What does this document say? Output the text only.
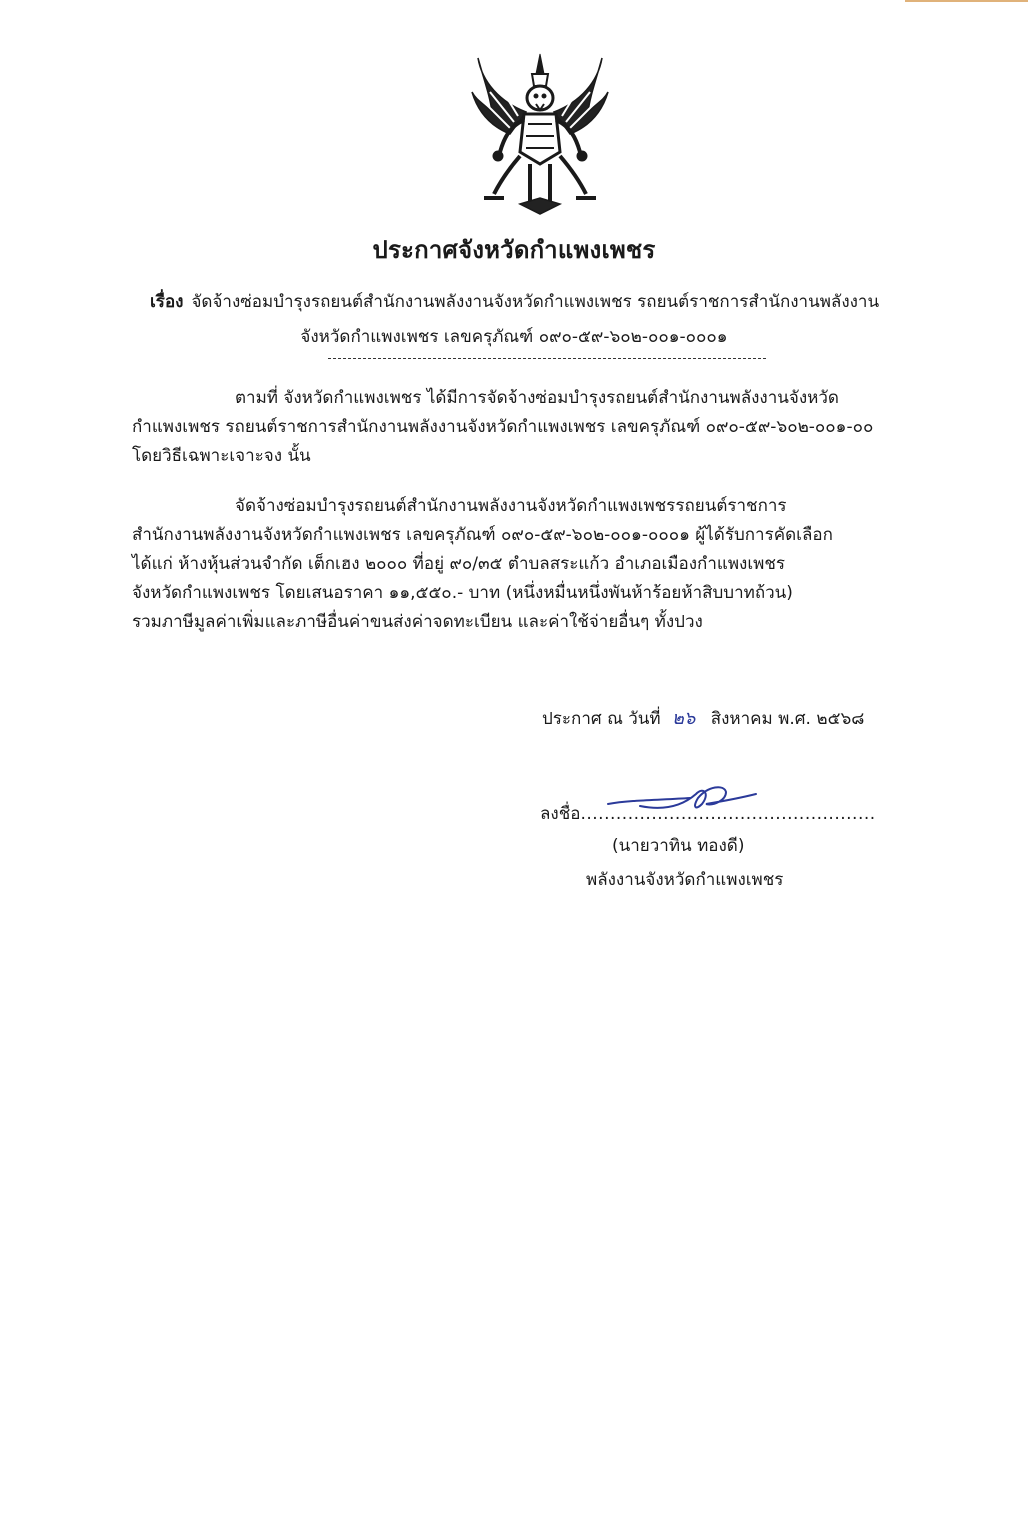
ประกาศจังหวัดกำแพงเพชร
เรื่อง จัดจ้างซ่อมบำรุงรถยนต์สำนักงานพลังงานจังหวัดกำแพงเพชร รถยนต์ราชการสำนักงานพลังงาน
จังหวัดกำแพงเพชร เลขครุภัณฑ์ ๐๙๐-๕๙-๖๐๒-๐๐๑-๐๐๐๑
ตามที่ จังหวัดกำแพงเพชร ได้มีการจัดจ้างซ่อมบำรุงรถยนต์สำนักงานพลังงานจังหวัด
กำแพงเพชร รถยนต์ราชการสำนักงานพลังงานจังหวัดกำแพงเพชร เลขครุภัณฑ์ ๐๙๐-๕๙-๖๐๒-๐๐๑-๐๐
โดยวิธีเฉพาะเจาะจง นั้น
จัดจ้างซ่อมบำรุงรถยนต์สำนักงานพลังงานจังหวัดกำแพงเพชรรถยนต์ราชการ
สำนักงานพลังงานจังหวัดกำแพงเพชร เลขครุภัณฑ์ ๐๙๐-๕๙-๖๐๒-๐๐๑-๐๐๐๑ ผู้ได้รับการคัดเลือก
ได้แก่ ห้างหุ้นส่วนจำกัด เต็กเฮง ๒๐๐๐ ที่อยู่ ๙๐/๓๕ ตำบลสระแก้ว อำเภอเมืองกำแพงเพชร
จังหวัดกำแพงเพชร โดยเสนอราคา ๑๑,๕๕๐.- บาท (หนึ่งหมื่นหนึ่งพันห้าร้อยห้าสิบบาทถ้วน)
รวมภาษีมูลค่าเพิ่มและภาษีอื่นค่าขนส่งค่าจดทะเบียน และค่าใช้จ่ายอื่นๆ ทั้งปวง
ประกาศ ณ วันที่ ๒๖ สิงหาคม พ.ศ. ๒๕๖๘
ลงชื่อ..................................................
(นายวาทิน ทองดี)
พลังงานจังหวัดกำแพงเพชร
